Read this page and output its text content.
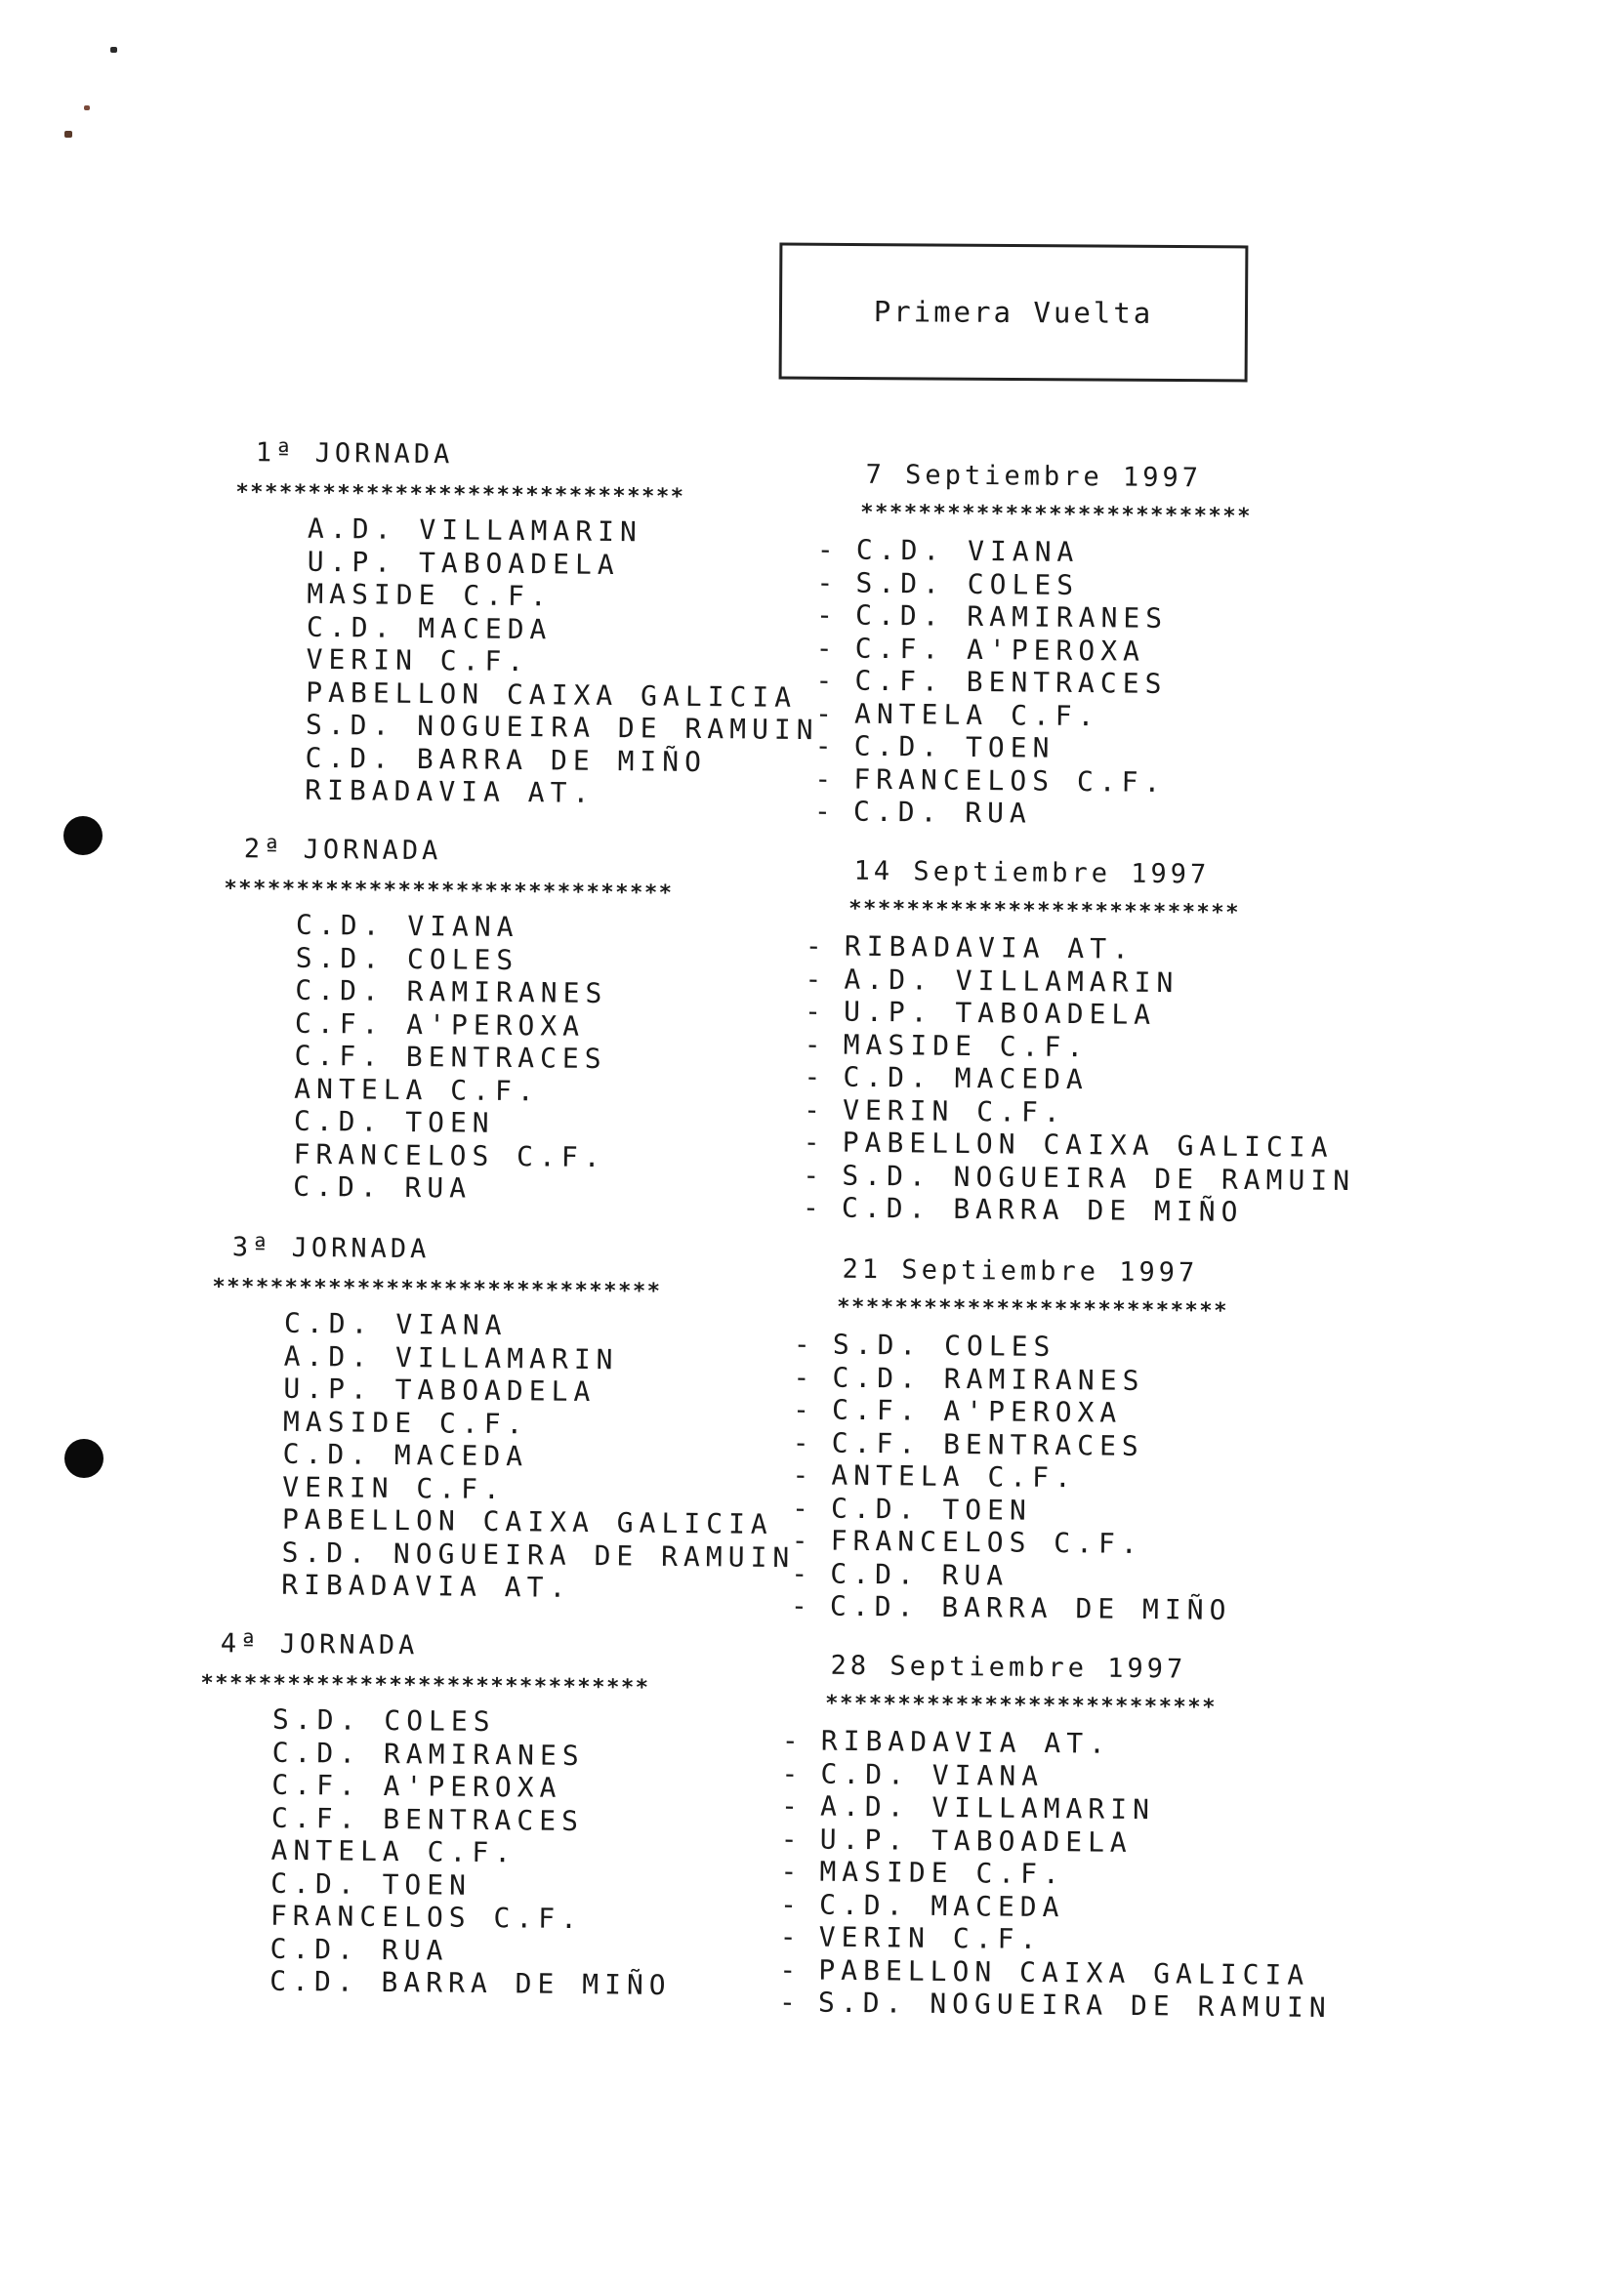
Primera Vuelta

1ª JORNADA

7 Septiembre 1997

*******************************
***************************
A.D. VILLAMARIN
U.P. TABOADELA
MASIDE C.F.
C.D. MACEDA
VERIN C.F.
PABELLON CAIXA GALICIA
S.D. NOGUEIRA DE RAMUIN
C.D. BARRA DE MIÑO
RIBADAVIA AT.
- C.D. VIANA
- S.D. COLES
- C.D. RAMIRANES
- C.F. A'PEROXA
- C.F. BENTRACES
- ANTELA C.F.
- C.D. TOEN
- FRANCELOS C.F.
- C.D. RUA

2ª JORNADA

14 Septiembre 1997

*******************************
***************************
C.D. VIANA
S.D. COLES
C.D. RAMIRANES
C.F. A'PEROXA
C.F. BENTRACES
ANTELA C.F.
C.D. TOEN
FRANCELOS C.F.
C.D. RUA
- RIBADAVIA AT.
- A.D. VILLAMARIN
- U.P. TABOADELA
- MASIDE C.F.
- C.D. MACEDA
- VERIN C.F.
- PABELLON CAIXA GALICIA
- S.D. NOGUEIRA DE RAMUIN
- C.D. BARRA DE MIÑO

3ª JORNADA

21 Septiembre 1997

*******************************
***************************
C.D. VIANA
A.D. VILLAMARIN
U.P. TABOADELA
MASIDE C.F.
C.D. MACEDA
VERIN C.F.
PABELLON CAIXA GALICIA
S.D. NOGUEIRA DE RAMUIN
RIBADAVIA AT.
- S.D. COLES
- C.D. RAMIRANES
- C.F. A'PEROXA
- C.F. BENTRACES
- ANTELA C.F.
- C.D. TOEN
- FRANCELOS C.F.
- C.D. RUA
- C.D. BARRA DE MIÑO

4ª JORNADA

28 Septiembre 1997

*******************************
***************************
S.D. COLES
C.D. RAMIRANES
C.F. A'PEROXA
C.F. BENTRACES
ANTELA C.F.
C.D. TOEN
FRANCELOS C.F.
C.D. RUA
C.D. BARRA DE MIÑO
- RIBADAVIA AT.
- C.D. VIANA
- A.D. VILLAMARIN
- U.P. TABOADELA
- MASIDE C.F.
- C.D. MACEDA
- VERIN C.F.
- PABELLON CAIXA GALICIA
- S.D. NOGUEIRA DE RAMUIN
